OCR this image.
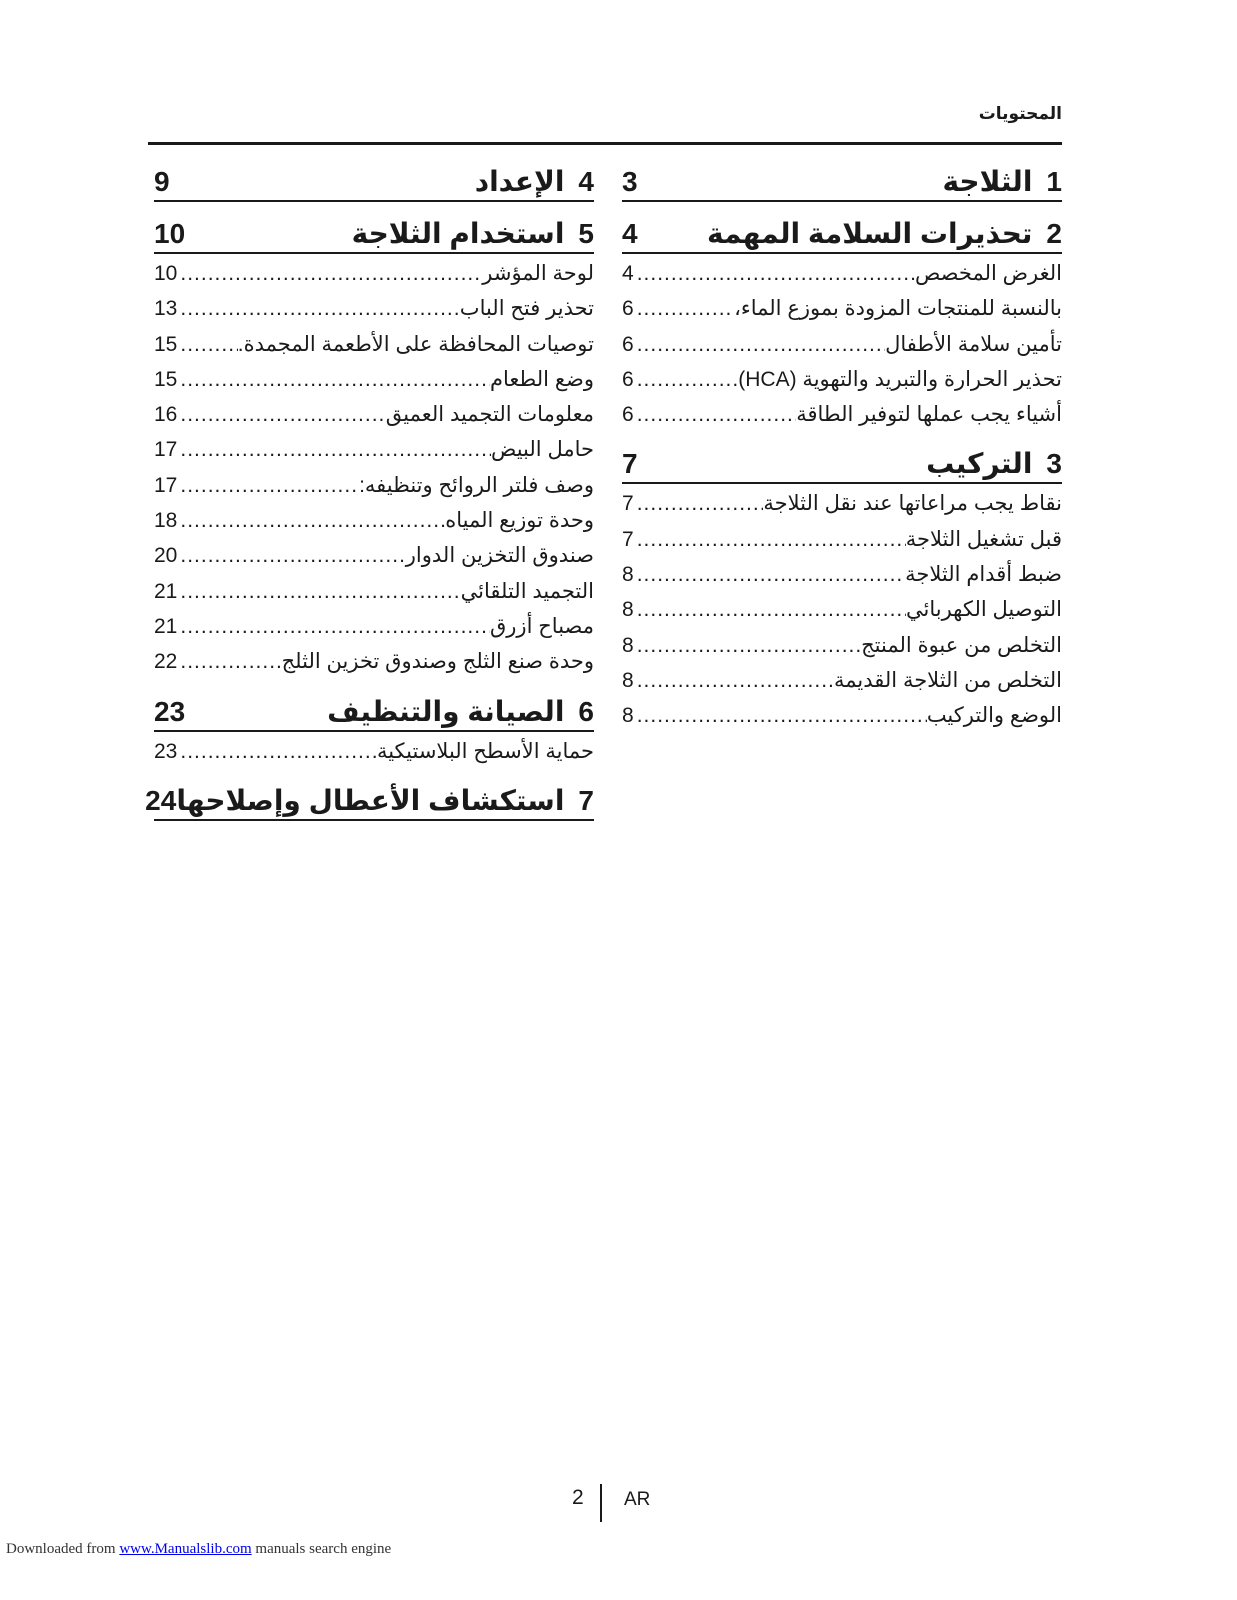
المحتويات
1
الثلاجة
3
2
تحذيرات السلامة المهمة
4
الغرض المخصص
.....
4
بالنسبة للمنتجات المزودة بموزع الماء،
.....
6
تأمين سلامة الأطفال
.....
6
تحذير الحرارة والتبريد والتهوية (HCA)
.....
6
أشياء يجب عملها لتوفير الطاقة
.....
6
3
التركيب
7
نقاط يجب مراعاتها عند نقل الثلاجة
.....
7
قبل تشغيل الثلاجة
.....
7
ضبط أقدام الثلاجة
.....
8
التوصيل الكهربائي
.....
8
التخلص من عبوة المنتج
.....
8
التخلص من الثلاجة القديمة
.....
8
الوضع والتركيب
.....
8
4
الإعداد
9
5
استخدام الثلاجة
10
لوحة المؤشر
.....
10
تحذير فتح الباب
.....
13
توصيات المحافظة على الأطعمة المجمدة.
.....
15
وضع الطعام
.....
15
معلومات التجميد العميق
.....
16
حامل البيض
.....
17
وصف فلتر الروائح وتنظيفه:
.....
17
وحدة توزيع المياه
.....
18
صندوق التخزين الدوار
.....
20
التجميد التلقائي
.....
21
مصباح أزرق
.....
21
وحدة صنع الثلج وصندوق تخزين الثلج
.....
22
6
الصيانة والتنظيف
23
حماية الأسطح البلاستيكية
.....
23
7
استكشاف الأعطال وإصلاحها
24
2 AR
Downloaded from www.Manualslib.com manuals search engine
